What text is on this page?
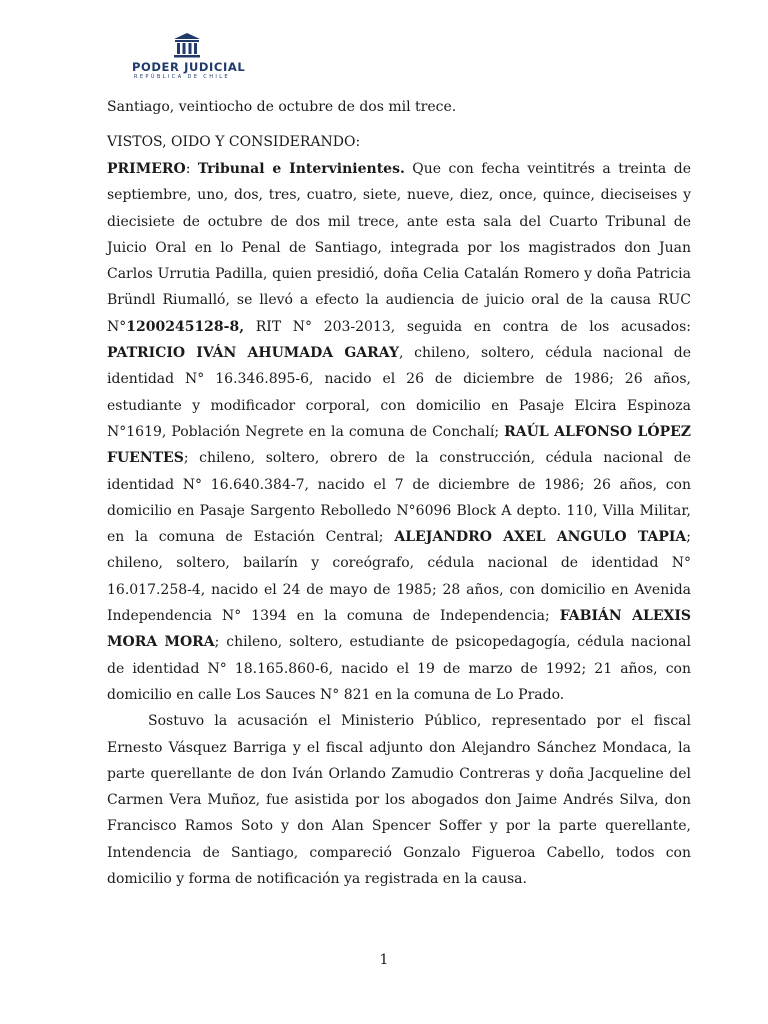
PODER JUDICIAL
REPÚBLICA DE CHILE
Santiago, veintiocho de octubre de dos mil trece.
VISTOS, OIDO Y CONSIDERANDO:

PRIMERO: Tribunal e Intervinientes. Que con fecha veintitrés a treinta de septiembre, uno, dos, tres, cuatro, siete, nueve, diez, once, quince, dieciseises y diecisiete de octubre de dos mil trece, ante esta sala del Cuarto Tribunal de Juicio Oral en lo Penal de Santiago, integrada por los magistrados don Juan Carlos Urrutia Padilla, quien presidió, doña Celia Catalán Romero y doña Patricia Bründl Riumalló, se llevó a efecto la audiencia de juicio oral de la causa RUC N°1200245128-8, RIT N° 203-2013, seguida en contra de los acusados: PATRICIO IVÁN AHUMADA GARAY, chileno, soltero, cédula nacional de identidad N° 16.346.895-6, nacido el 26 de diciembre de 1986; 26 años, estudiante y modificador corporal, con domicilio en Pasaje Elcira Espinoza N°1619, Población Negrete en la comuna de Conchalí; RAÚL ALFONSO LÓPEZ FUENTES; chileno, soltero, obrero de la construcción, cédula nacional de identidad N° 16.640.384-7, nacido el 7 de diciembre de 1986; 26 años, con domicilio en Pasaje Sargento Rebolledo N°6096 Block A depto. 110, Villa Militar, en la comuna de Estación Central; ALEJANDRO AXEL ANGULO TAPIA; chileno, soltero, bailarín y coreógrafo, cédula nacional de identidad N° 16.017.258-4, nacido el 24 de mayo de 1985; 28 años, con domicilio en Avenida Independencia N° 1394 en la comuna de Independencia; FABIÁN ALEXIS MORA MORA; chileno, soltero, estudiante de psicopedagogía, cédula nacional de identidad N° 18.165.860-6, nacido el 19 de marzo de 1992; 21 años, con domicilio en calle Los Sauces N° 821 en la comuna de Lo Prado.

Sostuvo la acusación el Ministerio Público, representado por el fiscal Ernesto Vásquez Barriga y el fiscal adjunto don Alejandro Sánchez Mondaca, la parte querellante de don Iván Orlando Zamudio Contreras y doña Jacqueline del Carmen Vera Muñoz, fue asistida por los abogados don Jaime Andrés Silva, don Francisco Ramos Soto y don Alan Spencer Soffer y por la parte querellante, Intendencia de Santiago, compareció Gonzalo Figueroa Cabello, todos con domicilio y forma de notificación ya registrada en la causa.

1
